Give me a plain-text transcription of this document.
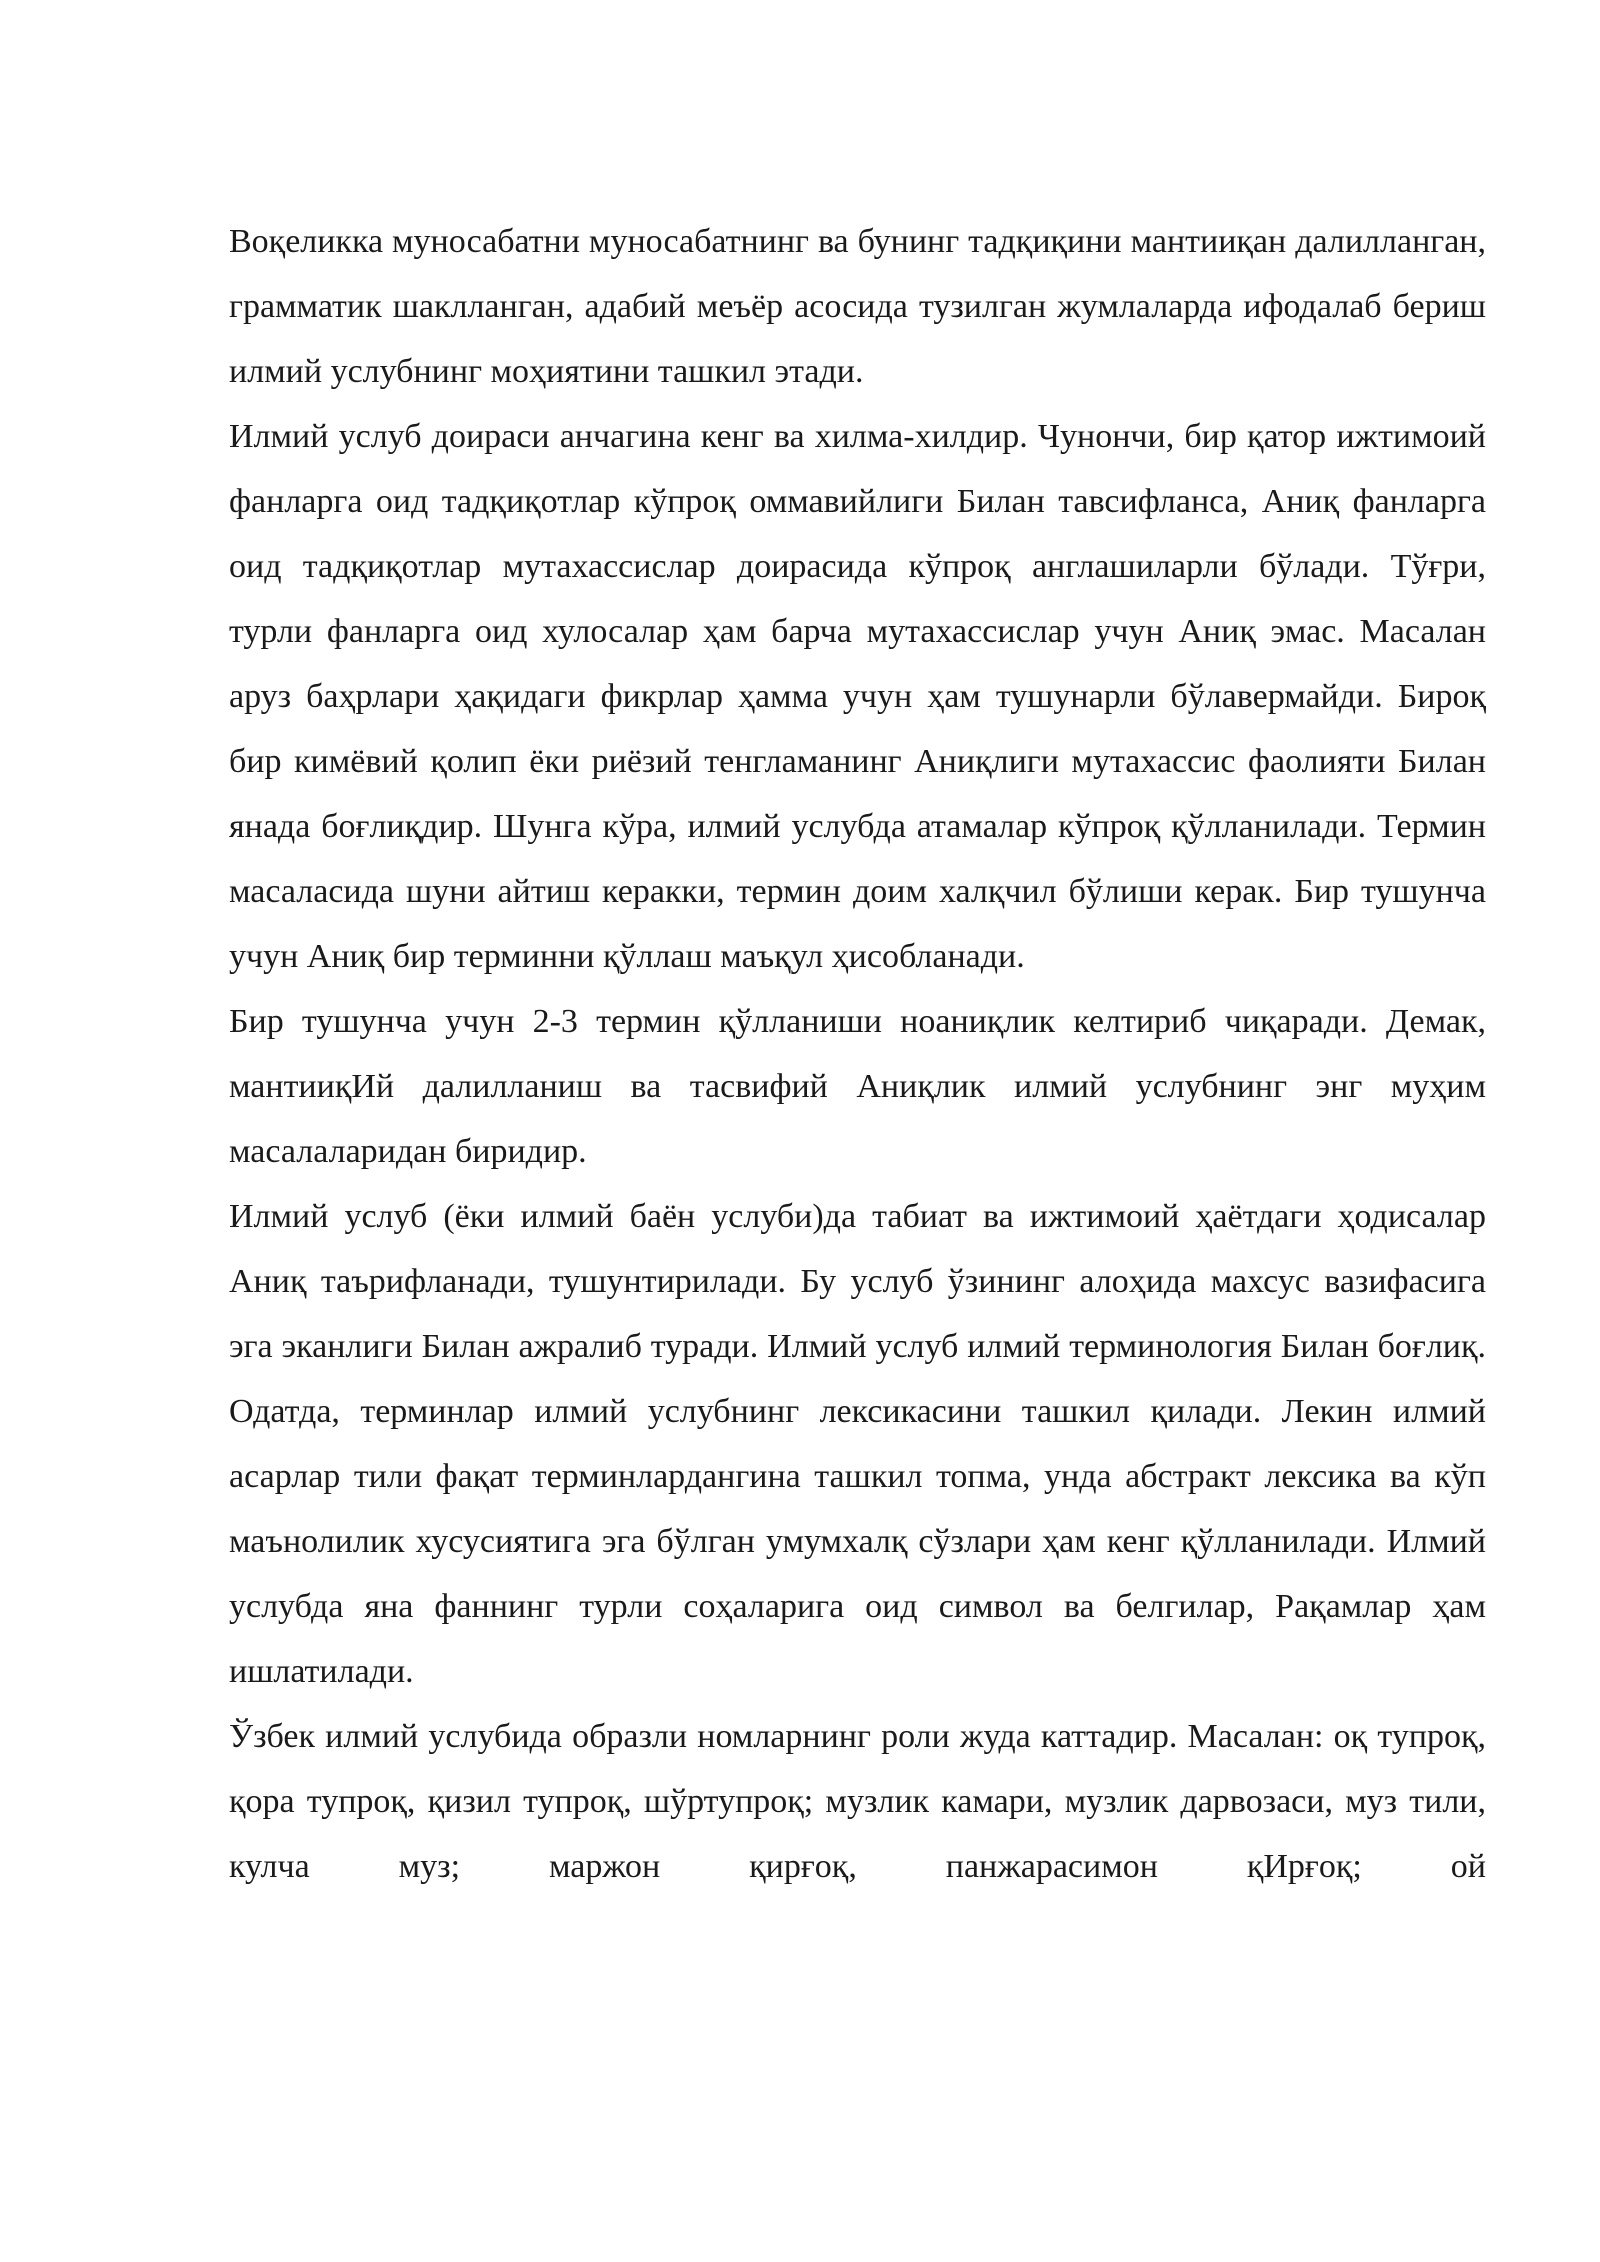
Воқеликка муносабатни муносабатнинг ва бунинг тадқиқини мантииқан далилланган, грамматик шаклланган, адабий меъёр асосида тузилган жумлаларда ифодалаб бериш илмий услубнинг моҳиятини ташкил этади.

Илмий услуб доираси анчагина кенг ва хилма-хилдир. Чунончи, бир қатор ижтимоий фанларга оид тадқиқотлар кўпроқ оммавийлиги Билан тавсифланса, Аниқ фанларга оид тадқиқотлар мутахассислар доирасида кўпроқ англашиларли бўлади. Тўғри, турли фанларга оид хулосалар ҳам барча мутахассислар учун Аниқ эмас. Масалан аруз баҳрлари ҳақидаги фикрлар ҳамма учун ҳам тушунарли бўлавермайди. Бироқ бир кимёвий қолип ёки риёзий тенгламанинг Аниқлиги мутахассис фаолияти Билан янада боғлиқдир. Шунга кўра, илмий услубда атамалар кўпроқ қўлланилади. Термин масаласида шуни айтиш керакки, термин доим халқчил бўлиши керак. Бир тушунча учун Аниқ бир терминни қўллаш маъқул ҳисобланади.

Бир тушунча учун 2-3 термин қўлланиши ноаниқлик келтириб чиқаради. Демак, мантииқИй далилланиш ва тасвифий Аниқлик илмий услубнинг энг муҳим масалаларидан биридир.

Илмий услуб (ёки илмий баён услуби)да табиат ва ижтимоий ҳаётдаги ҳодисалар Аниқ таърифланади, тушунтирилади. Бу услуб ўзининг алоҳида махсус вазифасига эга эканлиги Билан ажралиб туради. Илмий услуб илмий терминология Билан боғлиқ. Одатда, терминлар илмий услубнинг лексикасини ташкил қилади. Лекин илмий асарлар тили фақат терминлардангина ташкил топма, унда абстракт лексика ва кўп маънолилик хусусиятига эга бўлган умумхалқ сўзлари ҳам кенг қўлланилади. Илмий услубда яна фаннинг турли соҳаларига оид символ ва белгилар, Рақамлар ҳам ишлатилади.

Ўзбек илмий услубида образли номларнинг роли жуда каттадир. Масалан: оқ тупроқ, қора тупроқ, қизил тупроқ, шўртупроқ; музлик камари, музлик дарвозаси, муз тили, кулча муз; маржон қирғоқ, панжарасимон қИрғоқ; ой
